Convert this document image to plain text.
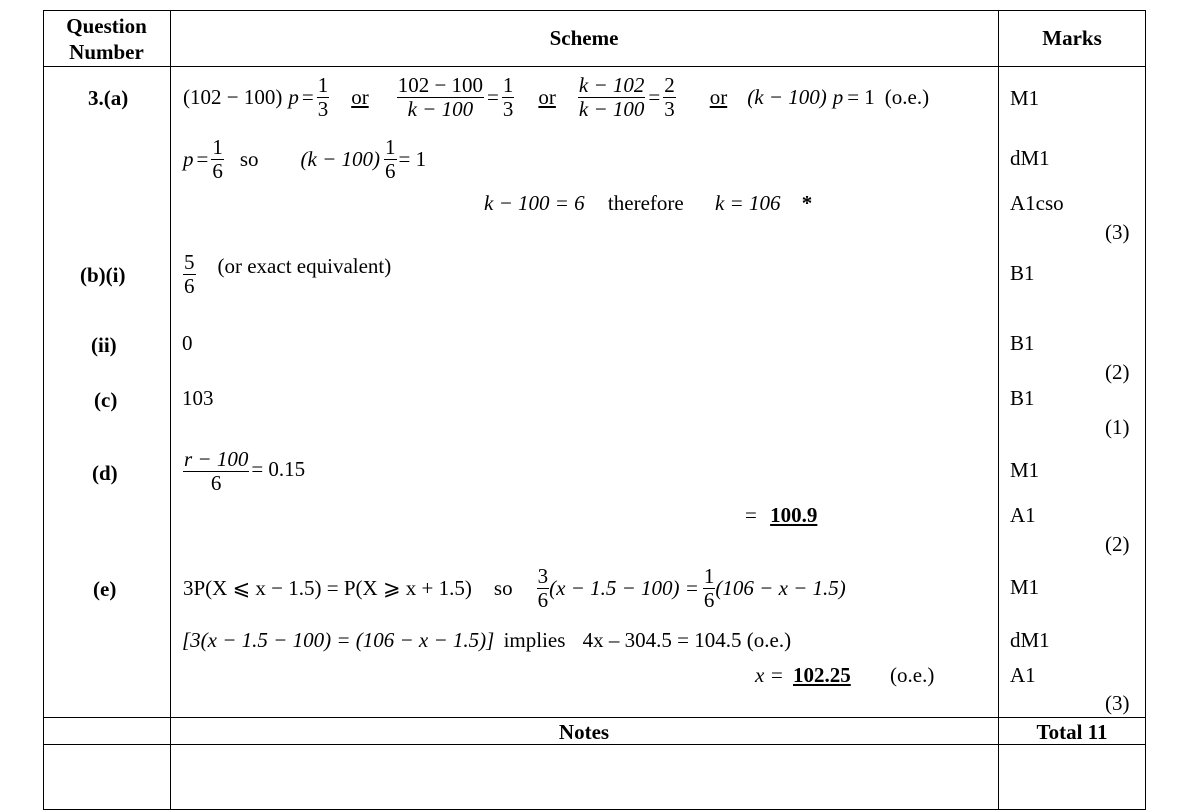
Question
Number
Scheme	Marks
3.(a)
(b)(i)
(ii)
(c)
(d)
(e)
(102 − 100) $p = \frac{1}{3}$ or $\frac{102 - 100}{k - 100} = \frac{1}{3}$ or $\frac{k - 102}{k - 100} = \frac{2}{3}$ or (k − 100) p = 1 (o.e.)
$p = \frac{1}{6}$ so $(k - 100) \frac{1}{6} = 1$
k − 100 = 6 therefore k = 106 *
$\frac{5}{6} (or$ exact equivalent)
0
103
$\frac{r - 100}{6} = 0.15$
= 100.9
3P(X ⩽ x − 1.5) = P(X ⩾ x + 1.5) so $\frac{3}{6} (x - 1.5 - 100) = \frac{1}{6} (106 - x - 1.5)$
[3(x − 1.5 − 100) = (106 − x − 1.5)] implies 4x – 304.5 = 104.5 (o.e.)
x = 102.25 (o.e.)
M1
dM1
A1cso
(3)
B1
B1
(2)
B1
(1)
M1
A1
(2)
M1
dM1
A1
(3)
Notes	Total 11
